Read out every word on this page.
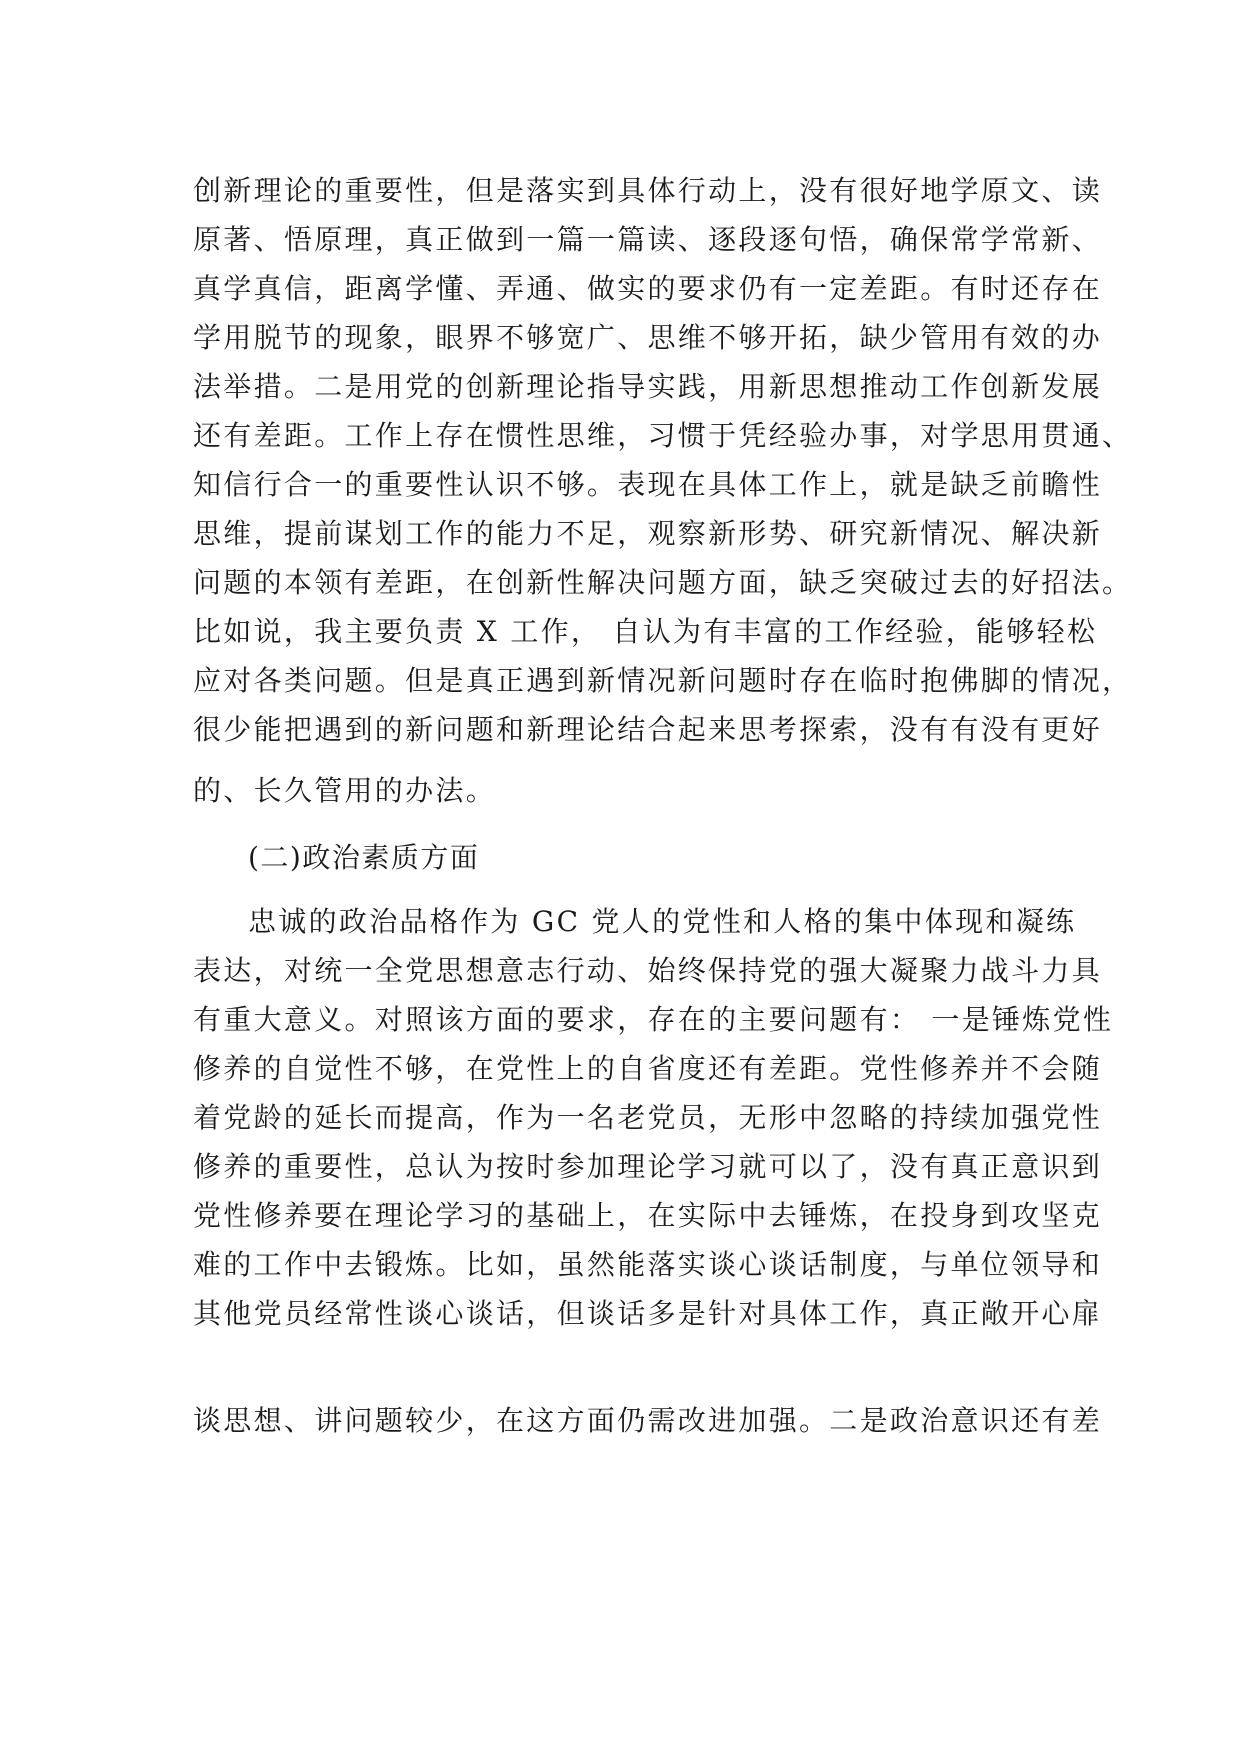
创新理论的重要性，但是落实到具体行动上，没有很好地学原文、读
原著、悟原理，真正做到一篇一篇读、逐段逐句悟，确保常学常新、
真学真信，距离学懂、弄通、做实的要求仍有一定差距。有时还存在
学用脱节的现象，眼界不够宽广、思维不够开拓，缺少管用有效的办
法举措。二是用党的创新理论指导实践，用新思想推动工作创新发展
还有差距。工作上存在惯性思维，习惯于凭经验办事，对学思用贯通、
知信行合一的重要性认识不够。表现在具体工作上，就是缺乏前瞻性
思维，提前谋划工作的能力不足，观察新形势、研究新情况、解决新
问题的本领有差距，在创新性解决问题方面，缺乏突破过去的好招法。
比如说，我主要负责 X 工作， 自认为有丰富的工作经验，能够轻松
应对各类问题。但是真正遇到新情况新问题时存在临时抱佛脚的情况，
很少能把遇到的新问题和新理论结合起来思考探索，没有有没有更好
的、长久管用的办法。
(二)政治素质方面
忠诚的政治品格作为 GC 党人的党性和人格的集中体现和凝练
表达，对统一全党思想意志行动、始终保持党的强大凝聚力战斗力具
有重大意义。对照该方面的要求，存在的主要问题有： 一是锤炼党性
修养的自觉性不够，在党性上的自省度还有差距。党性修养并不会随
着党龄的延长而提高，作为一名老党员，无形中忽略的持续加强党性
修养的重要性，总认为按时参加理论学习就可以了，没有真正意识到
党性修养要在理论学习的基础上，在实际中去锤炼，在投身到攻坚克
难的工作中去锻炼。比如，虽然能落实谈心谈话制度，与单位领导和
其他党员经常性谈心谈话，但谈话多是针对具体工作，真正敞开心扉
谈思想、讲问题较少，在这方面仍需改进加强。二是政治意识还有差
